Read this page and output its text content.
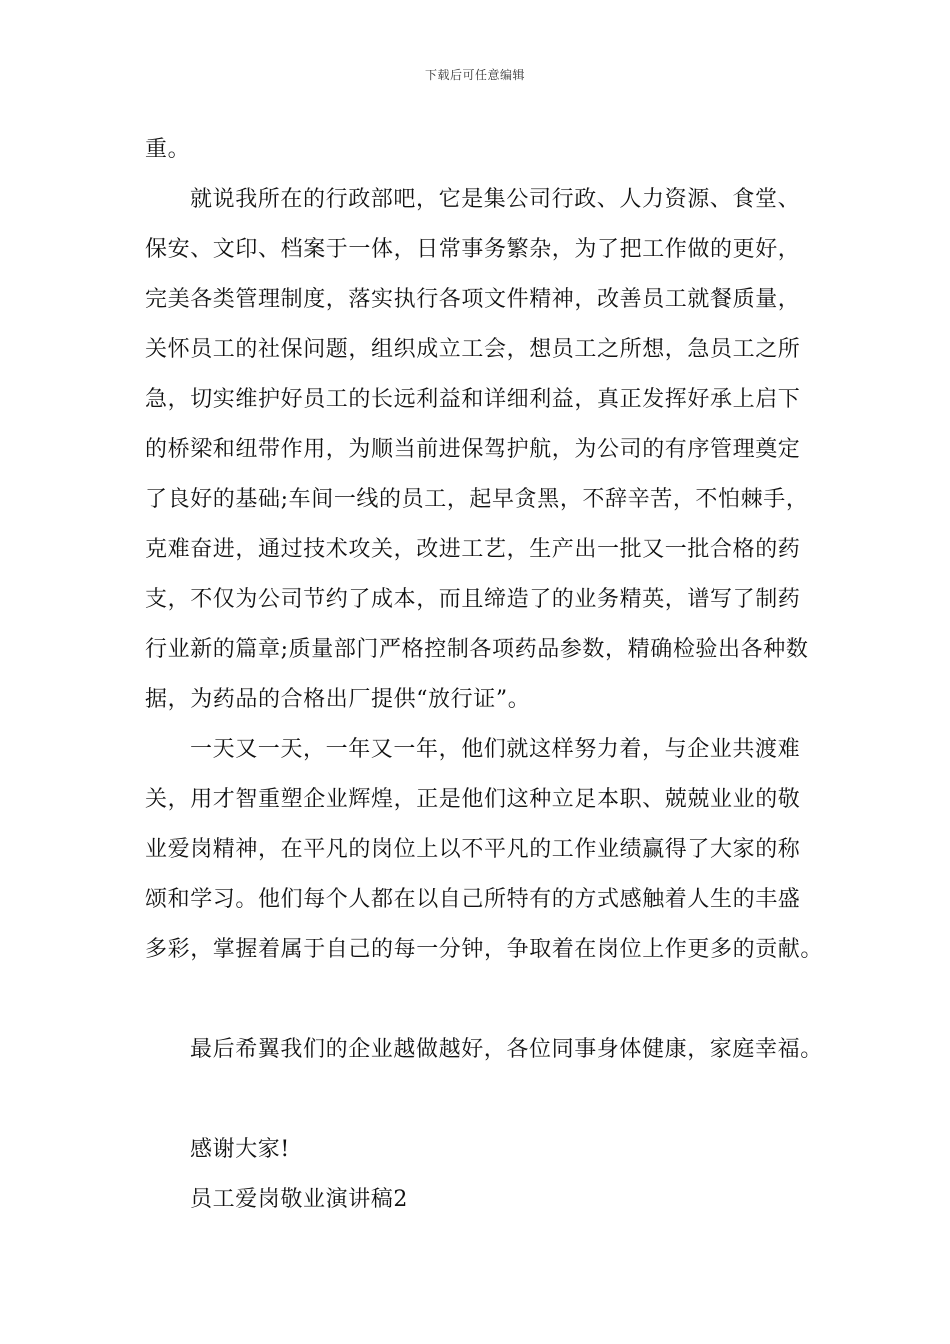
下载后可任意编辑
重。
就说我所在的行政部吧，它是集公司行政、人力资源、食堂、
保安、文印、档案于一体，日常事务繁杂，为了把工作做的更好，
完美各类管理制度，落实执行各项文件精神，改善员工就餐质量，
关怀员工的社保问题，组织成立工会，想员工之所想，急员工之所
急，切实维护好员工的长远利益和详细利益，真正发挥好承上启下
的桥梁和纽带作用，为顺当前进保驾护航，为公司的有序管理奠定
了良好的基础;车间一线的员工，起早贪黑，不辞辛苦，不怕棘手，
克难奋进，通过技术攻关，改进工艺，生产出一批又一批合格的药
支，不仅为公司节约了成本，而且缔造了的业务精英，谱写了制药
行业新的篇章;质量部门严格控制各项药品参数，精确检验出各种数
据，为药品的合格出厂提供“放行证”。
一天又一天，一年又一年，他们就这样努力着，与企业共渡难
关，用才智重塑企业辉煌，正是他们这种立足本职、兢兢业业的敬
业爱岗精神，在平凡的岗位上以不平凡的工作业绩赢得了大家的称
颂和学习。他们每个人都在以自己所特有的方式感触着人生的丰盛
多彩，掌握着属于自己的每一分钟，争取着在岗位上作更多的贡献。
最后希翼我们的企业越做越好，各位同事身体健康，家庭幸福。
感谢大家!
员工爱岗敬业演讲稿2
